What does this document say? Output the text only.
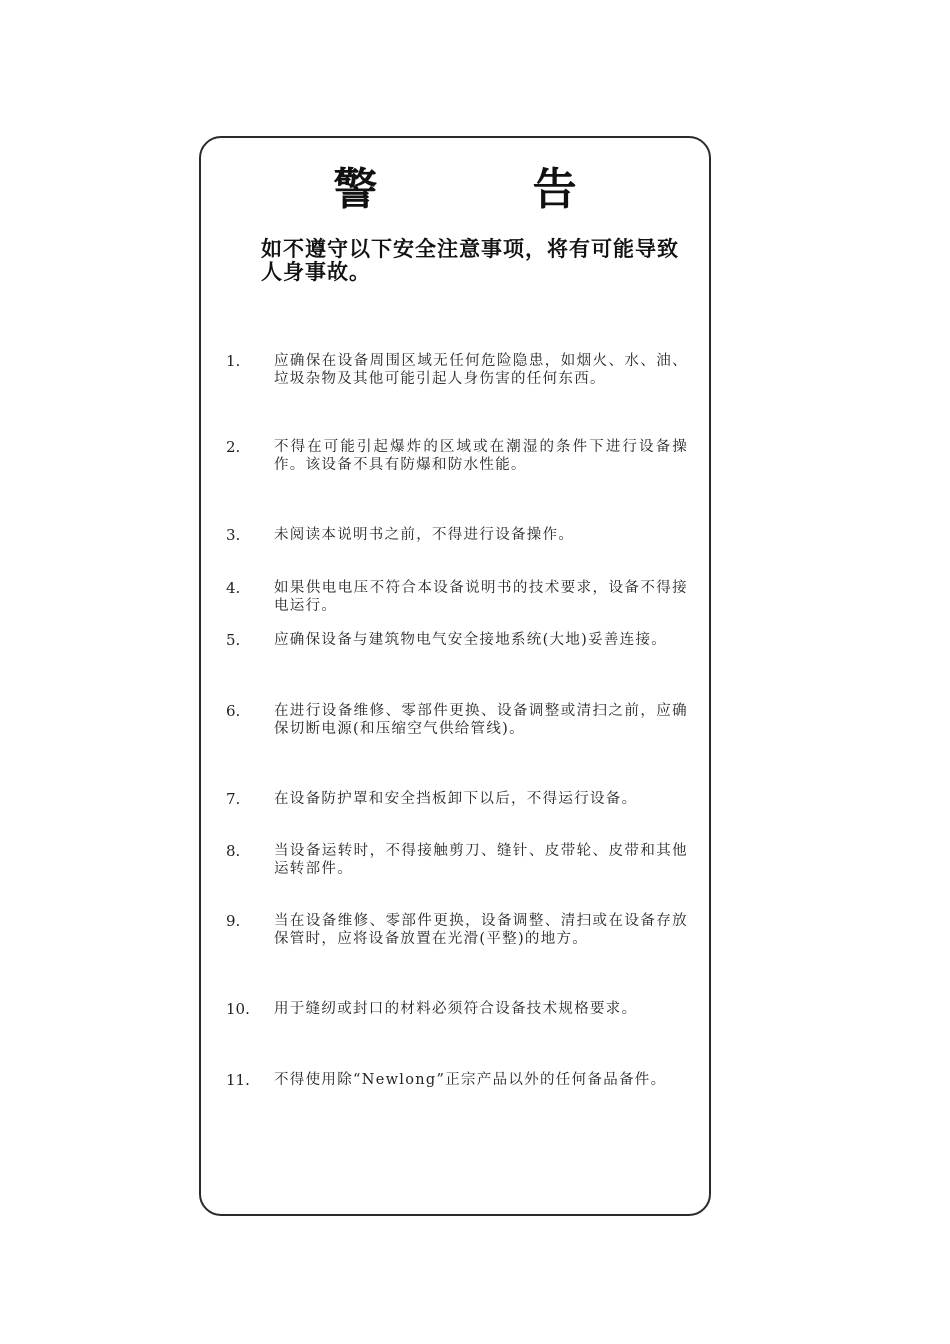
警 告
如不遵守以下安全注意事项，将有可能导致人身事故。
1.	应确保在设备周围区域无任何危险隐患，如烟火、水、油、垃圾杂物及其他可能引起人身伤害的任何东西。
2.	不得在可能引起爆炸的区域或在潮湿的条件下进行设备操作。该设备不具有防爆和防水性能。
3.	未阅读本说明书之前，不得进行设备操作。
4.	如果供电电压不符合本设备说明书的技术要求，设备不得接电运行。
5.	应确保设备与建筑物电气安全接地系统(大地)妥善连接。
6.	在进行设备维修、零部件更换、设备调整或清扫之前，应确保切断电源(和压缩空气供给管线)。
7.	在设备防护罩和安全挡板卸下以后，不得运行设备。
8.	当设备运转时，不得接触剪刀、缝针、皮带轮、皮带和其他运转部件。
9.	当在设备维修、零部件更换，设备调整、清扫或在设备存放保管时，应将设备放置在光滑(平整)的地方。
10.	用于缝纫或封口的材料必须符合设备技术规格要求。
11.	不得使用除“Newlong”正宗产品以外的任何备品备件。
